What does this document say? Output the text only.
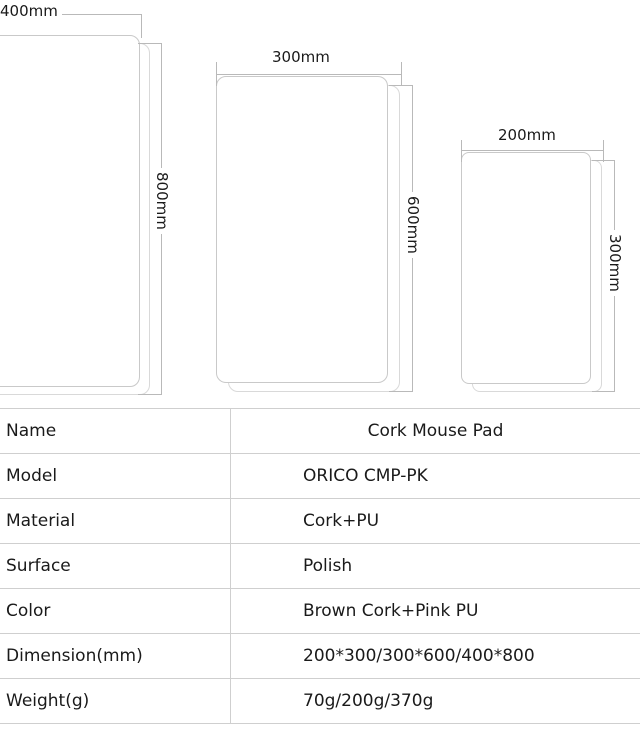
400mm
800mm
300mm
600mm
200mm
300mm
Name	Cork Mouse Pad
Model	ORICO CMP-PK
Material	Cork+PU
Surface	Polish
Color	Brown Cork+Pink PU
Dimension(mm)	200*300/300*600/400*800
Weight(g)	70g/200g/370g
